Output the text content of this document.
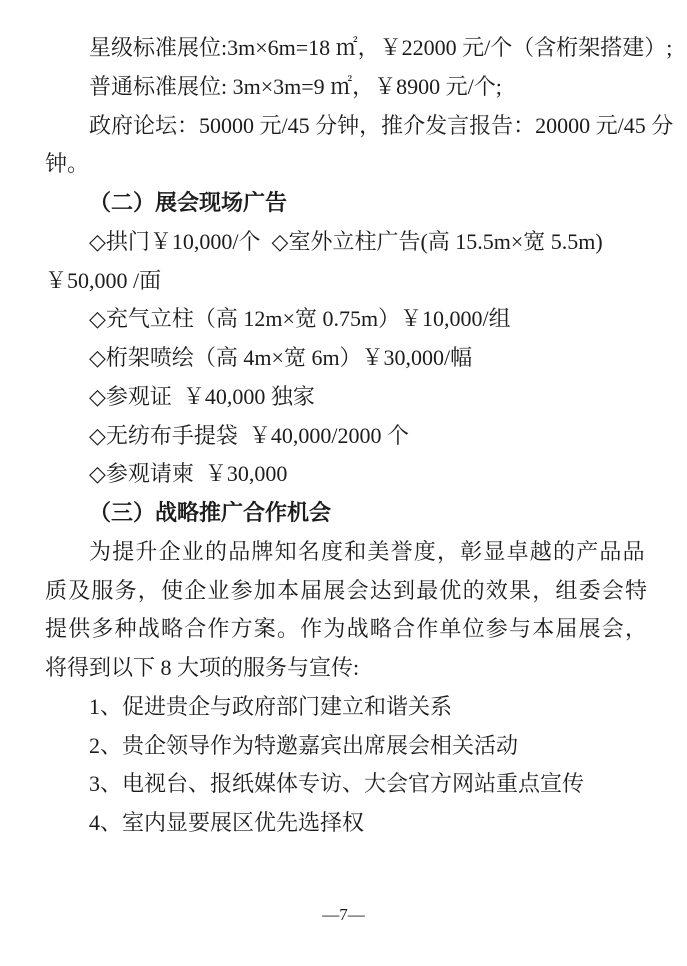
星级标准展位:3m×6m=18 ㎡，￥22000 元/个（含桁架搭建）;
普通标准展位: 3m×3m=9 ㎡，￥8900 元/个;
政府论坛：50000 元/45 分钟，推介发言报告：20000 元/45 分
钟。
（二）展会现场广告
◇拱门￥10,000/个  ◇室外立柱广告(高 15.5m×宽 5.5m)
￥50,000 /面
◇充气立柱（高 12m×宽 0.75m）￥10,000/组
◇桁架喷绘（高 4m×宽 6m）￥30,000/幅
◇参观证  ￥40,000 独家
◇无纺布手提袋  ￥40,000/2000 个
◇参观请柬  ￥30,000
（三）战略推广合作机会
为提升企业的品牌知名度和美誉度，彰显卓越的产品品
质及服务，使企业参加本届展会达到最优的效果，组委会特
提供多种战略合作方案。作为战略合作单位参与本届展会，
将得到以下 8 大项的服务与宣传:
1、促进贵企与政府部门建立和谐关系
2、贵企领导作为特邀嘉宾出席展会相关活动
3、电视台、报纸媒体专访、大会官方网站重点宣传
4、室内显要展区优先选择权
—7—
